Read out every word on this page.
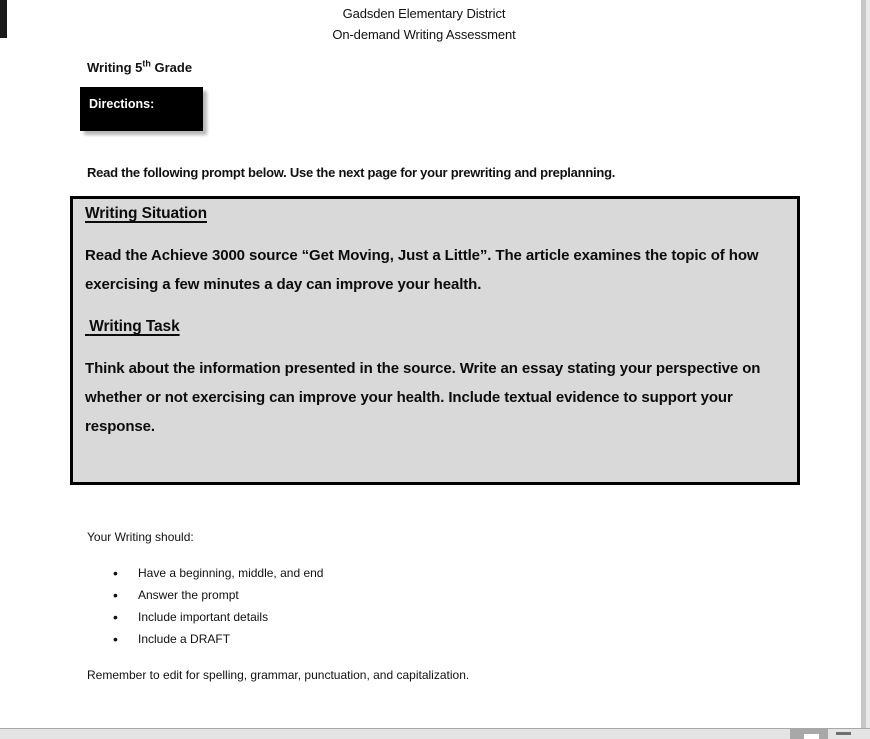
Gadsden Elementary District
On-demand Writing Assessment
Writing 5th Grade
Directions:
Read the following prompt below. Use the next page for your prewriting and preplanning.
Writing Situation
Read the Achieve 3000 source “Get Moving, Just a Little”. The article examines the topic of how exercising a few minutes a day can improve your health.
Writing Task
Think about the information presented in the source. Write an essay stating your perspective on whether or not exercising can improve your health. Include textual evidence to support your response.
Your Writing should:
•	Have a beginning, middle, and end
•	Answer the prompt
•	Include important details
•	Include a DRAFT
Remember to edit for spelling, grammar, punctuation, and capitalization.
